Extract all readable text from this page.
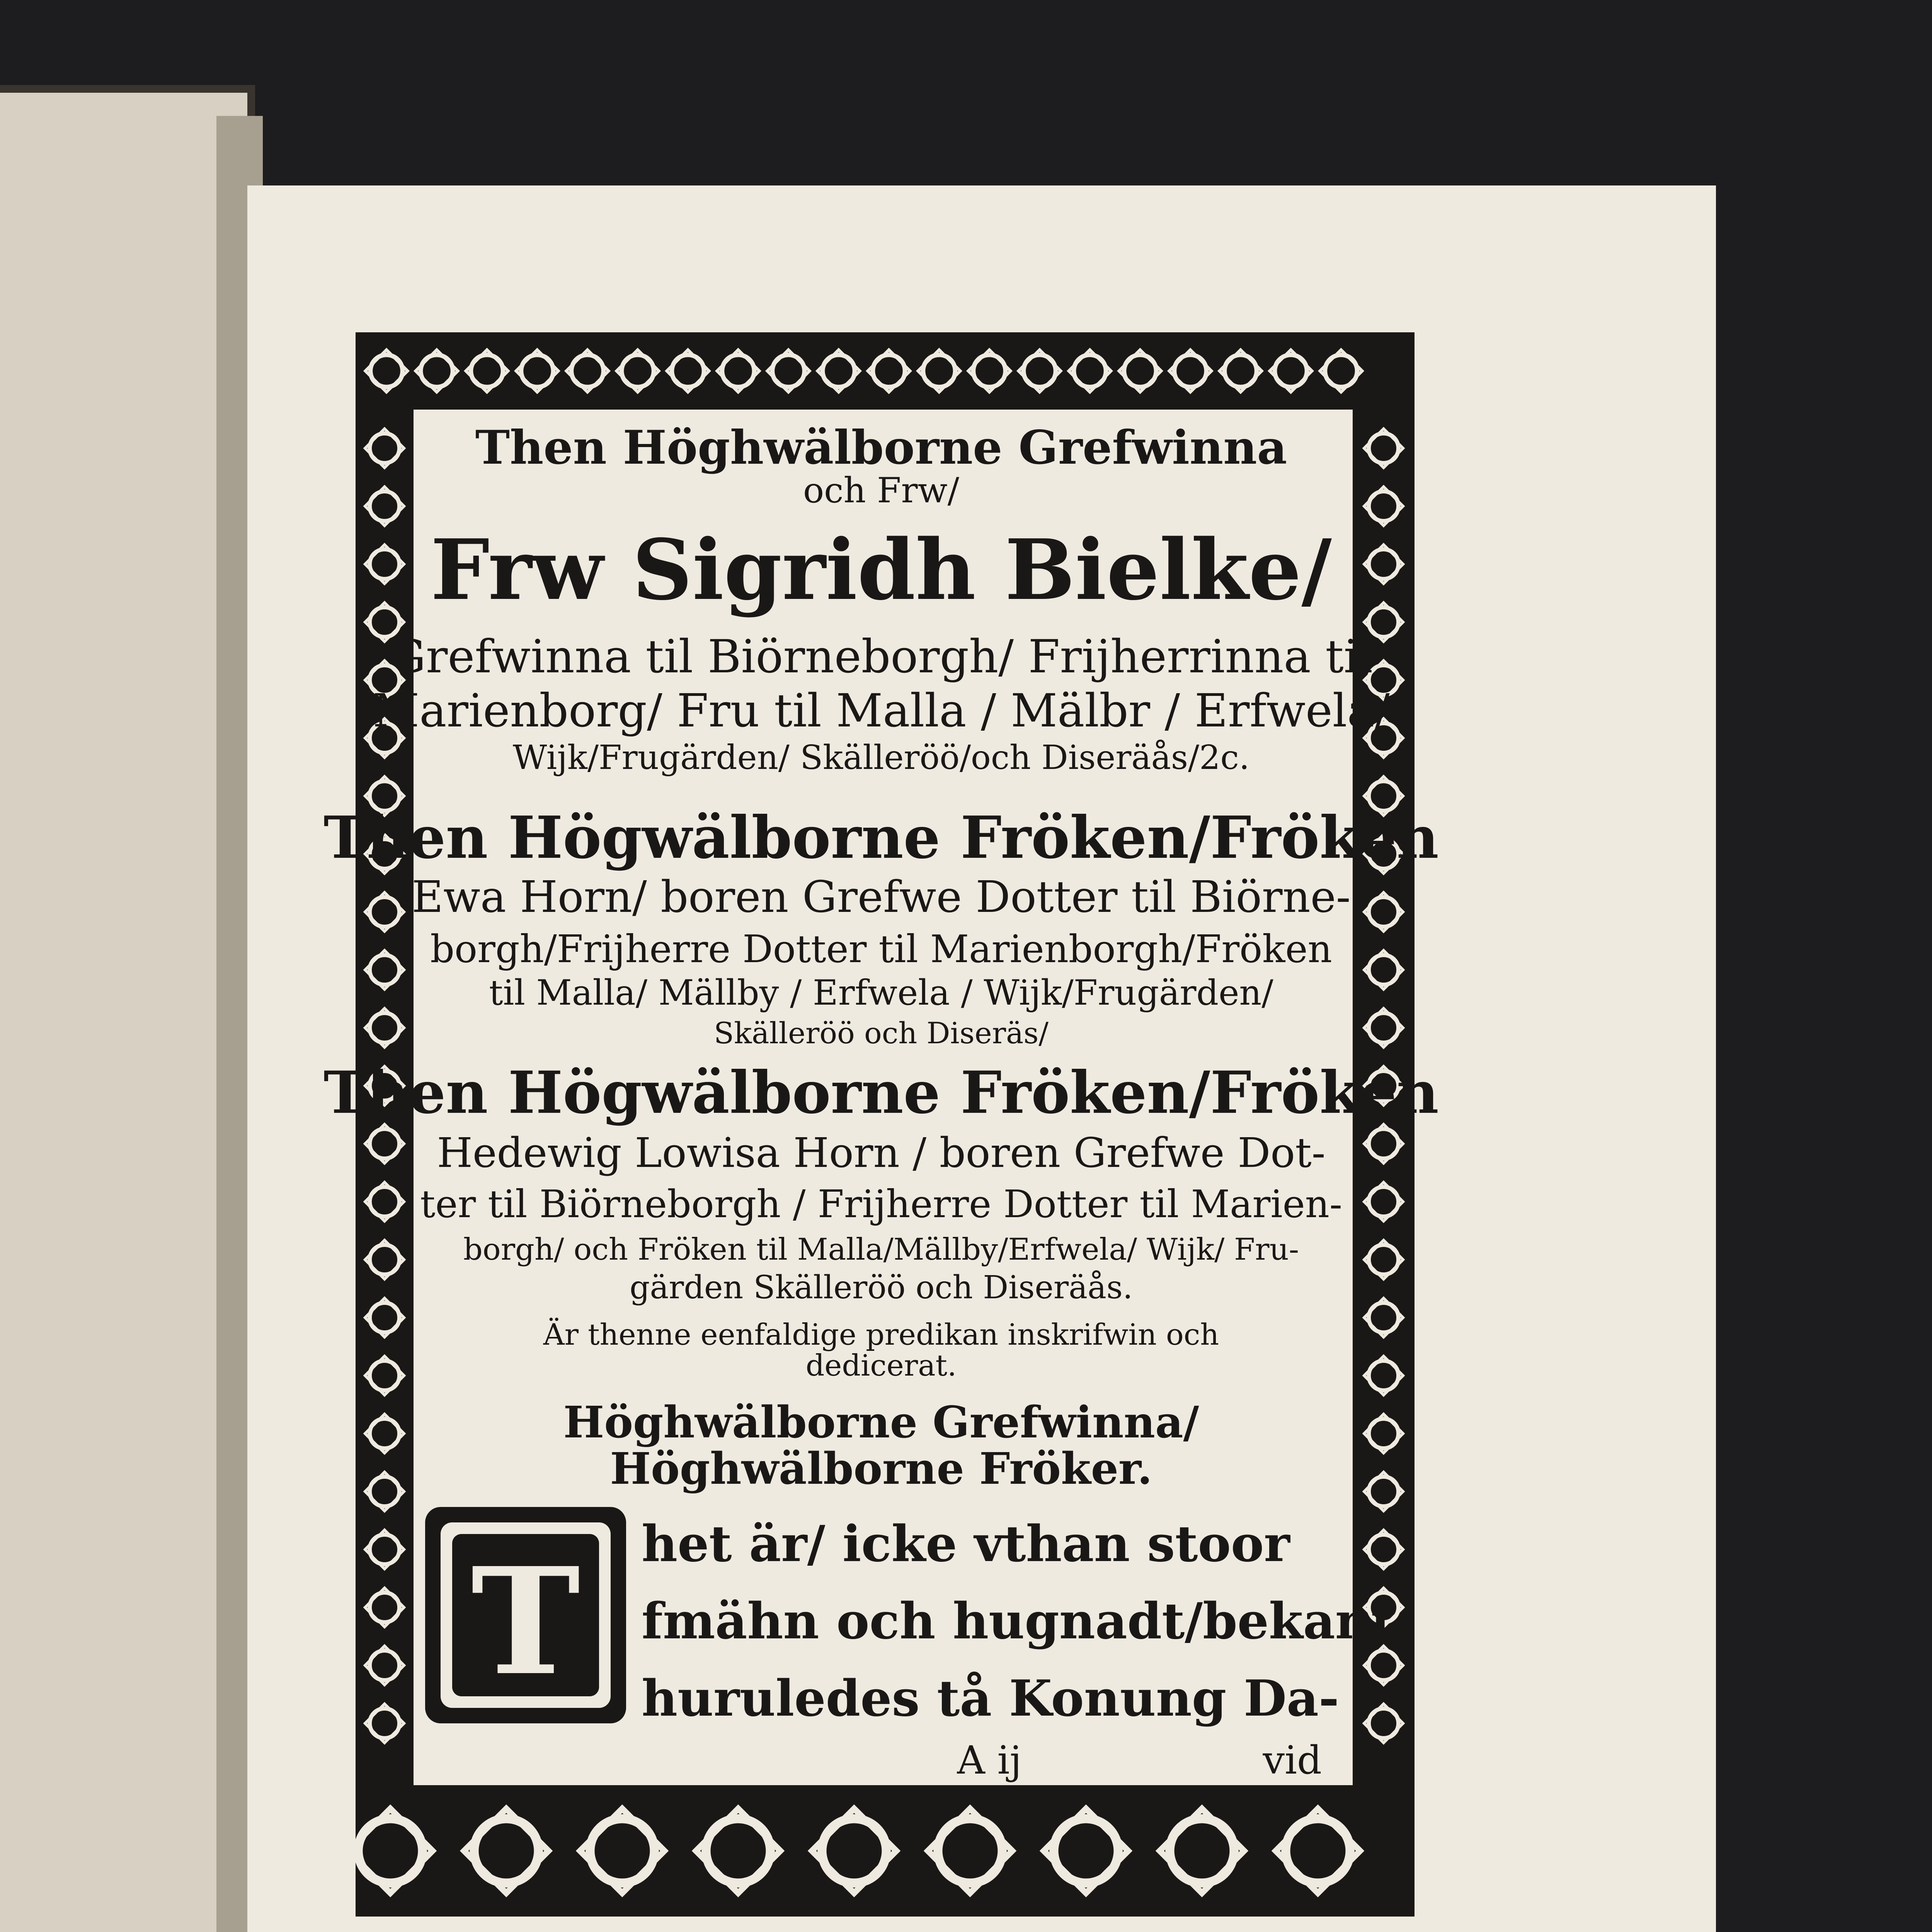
Then Höghwälborne Grefwinna
och Frw/
Frw Sigridh Bielke/
Grefwinna til Biörneborgh/ Frijherrinna til
Marienborg/ Fru til Malla / Mälbr / Erfwela/
Wijk/Frugärden/ Skälleröö/och Diseräås/2c.
Then Högwälborne Fröken/Fröken
Ewa Horn/ boren Grefwe Dotter til Biörne-
borgh/Frijherre Dotter til Marienborgh/Fröken
til Malla/ Mällby / Erfwela / Wijk/Frugärden/
Skälleröö och Diseräs/
Then Högwälborne Fröken/Fröken
Hedewig Lowisa Horn / boren Grefwe Dot-
ter til Biörneborgh / Frijherre Dotter til Marien-
borgh/ och Fröken til Malla/Mällby/Erfwela/ Wijk/ Fru-
gärden Skälleröö och Diseräås.
Är thenne eenfaldige predikan inskrifwin och
dedicerat.
Höghwälborne Grefwinna/
Höghwälborne Fröker.
T het är/ icke vthan stoor
fmähn och hugnadt/bekant/
huruledes tå Konung Da-
A ij	vid
